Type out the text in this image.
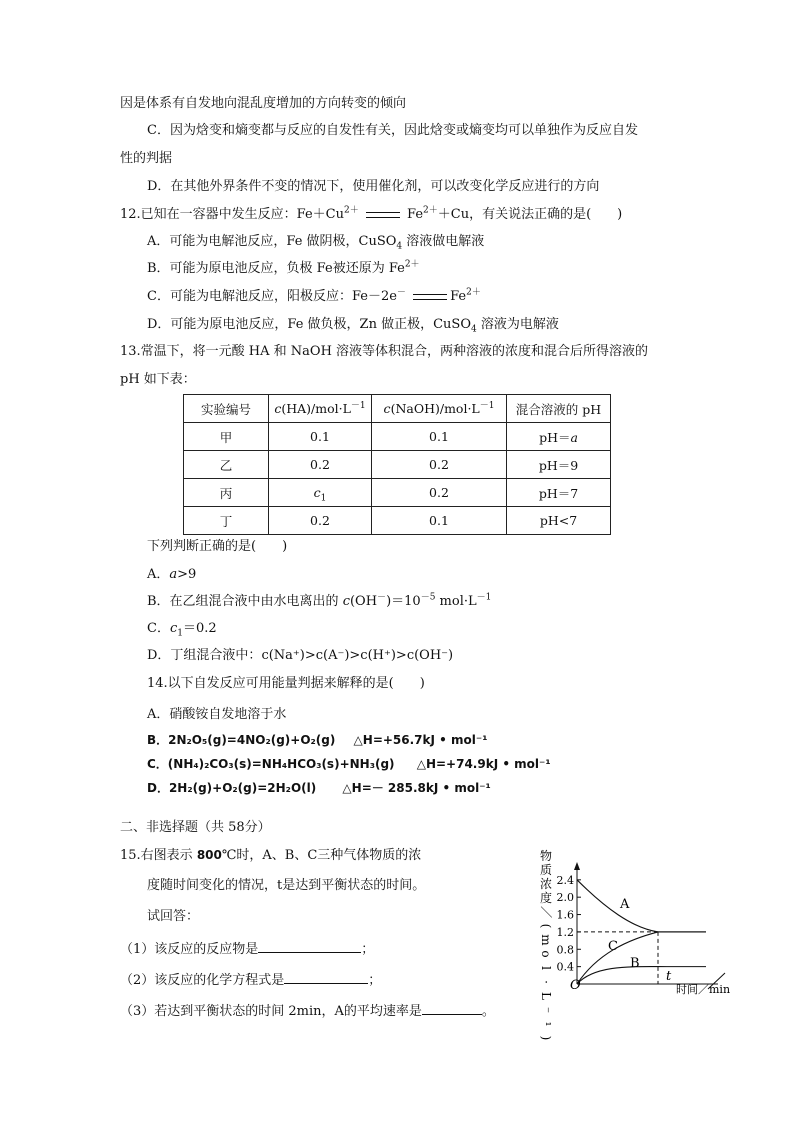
因是体系有自发地向混乱度增加的方向转变的倾向
C．因为焓变和熵变都与反应的自发性有关，因此焓变或熵变均可以单独作为反应自发
性的判据
D．在其他外界条件不变的情况下，使用催化剂，可以改变化学反应进行的方向
12.已知在一容器中发生反应：$Fe+Cu^{2+}$	$Fe^{2+}+Cu$，有关说法正确的是(　　)
A．可能为电解池反应，Fe 做阴极，CuSO$_4$ 溶液做电解液
B．可能为原电池反应，负极 Fe被还原为 $Fe^{2+}$
C．可能为电解池反应，阳极反应：Fe－2e－	$Fe^{2+}$
D．可能为原电池反应，Fe 做负极，Zn 做正极，CuSO$_4$ 溶液为电解液
13.常温下，将一元酸 HA 和 NaOH 溶液等体积混合，两种溶液的浓度和混合后所得溶液的
pH 如下表：
实验编号	$c(HA)/mol\cdot L^{-1}$	$c(NaOH)/mol\cdot L^{-1}$	混合溶液的 pH
甲	0.1	0.1	pH＝a
乙	0.2	0.2	pH＝9
丙	$c_1$	0.2	pH＝7
丁	0.2	0.1	pH<7
下列判断正确的是(　　)
A．a>9
B．在乙组混合液中由水电离出的 $c(OH^-)=10^{-5}$ $mol\cdot L^{-1}$
C．$c_1=0.2$
D．丁组混合液中：c(Na⁺)>c(A⁻)>c(H⁺)>c(OH⁻)
14.以下自发反应可用能量判据来解释的是(　　)
A．硝酸铵自发地溶于水
B．2N₂O₅(g)=4NO₂(g)+O₂(g) △H=+56.7kJ • mol⁻¹
C．(NH₄)₂CO₃(s)=NH₄HCO₃(s)+NH₃(g) △H=+74.9kJ • mol⁻¹
D．2H₂(g)+O₂(g)=2H₂O(l) △H=－ 285.8kJ • mol⁻¹
二、非选择题（共 58分）
15.右图表示 800℃时，A、B、C三种气体物质的浓
度随时间变化的情况，t是达到平衡状态的时间。
试回答：
（1）该反应的反应物是	；
（2）该反应的化学方程式是	；
（3）若达到平衡状态的时间 2min，A的平均速率是	。
物
质
浓
度
／
(
m
o
l
·
L
⁻
¹
)
2.4
2.0
1.6
1.2
0.8
0.4
A
C
B
O
t
时间／min
